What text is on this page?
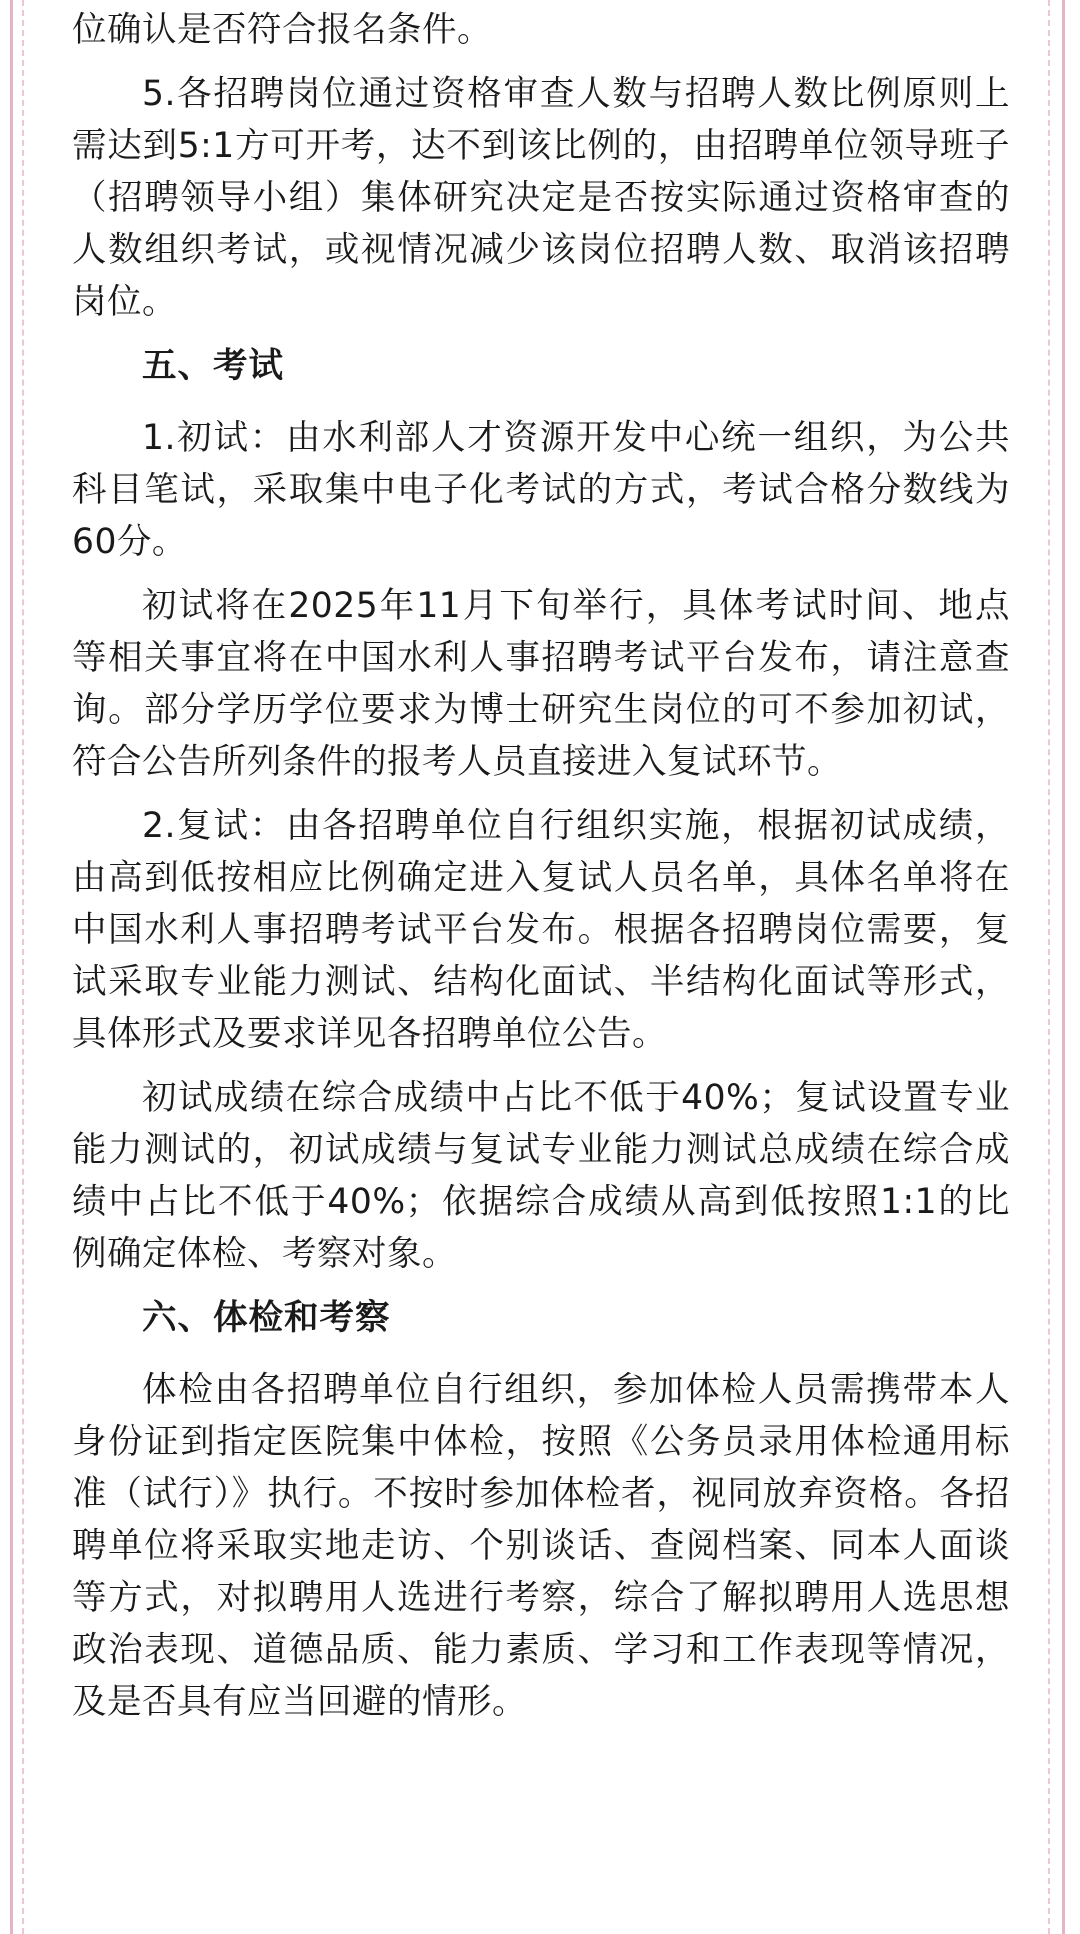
位确认是否符合报名条件。

5.各招聘岗位通过资格审查人数与招聘人数比例原则上需达到5:1方可开考，达不到该比例的，由招聘单位领导班子（招聘领导小组）集体研究决定是否按实际通过资格审查的人数组织考试，或视情况减少该岗位招聘人数、取消该招聘岗位。

五、考试

1.初试：由水利部人才资源开发中心统一组织，为公共科目笔试，采取集中电子化考试的方式，考试合格分数线为60分。

初试将在2025年11月下旬举行，具体考试时间、地点等相关事宜将在中国水利人事招聘考试平台发布，请注意查询。部分学历学位要求为博士研究生岗位的可不参加初试，符合公告所列条件的报考人员直接进入复试环节。

2.复试：由各招聘单位自行组织实施，根据初试成绩，由高到低按相应比例确定进入复试人员名单，具体名单将在中国水利人事招聘考试平台发布。根据各招聘岗位需要，复试采取专业能力测试、结构化面试、半结构化面试等形式，具体形式及要求详见各招聘单位公告。

初试成绩在综合成绩中占比不低于40%；复试设置专业能力测试的，初试成绩与复试专业能力测试总成绩在综合成绩中占比不低于40%；依据综合成绩从高到低按照1:1的比例确定体检、考察对象。

六、体检和考察

体检由各招聘单位自行组织，参加体检人员需携带本人身份证到指定医院集中体检，按照《公务员录用体检通用标准（试行）》执行。不按时参加体检者，视同放弃资格。各招聘单位将采取实地走访、个别谈话、查阅档案、同本人面谈等方式，对拟聘用人选进行考察，综合了解拟聘用人选思想政治表现、道德品质、能力素质、学习和工作表现等情况，及是否具有应当回避的情形。
